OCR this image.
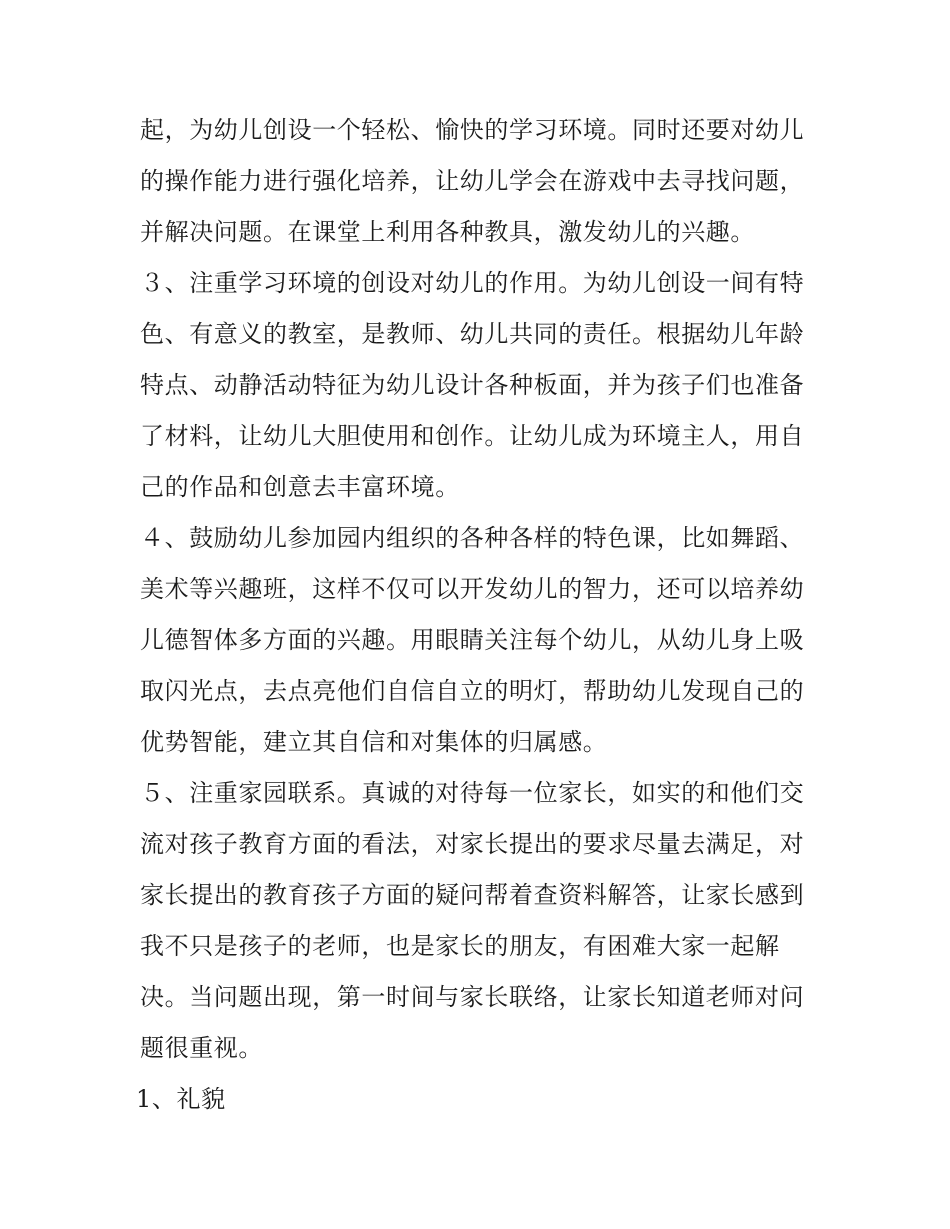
起，为幼儿创设一个轻松、愉快的学习环境。同时还要对幼儿
的操作能力进行强化培养，让幼儿学会在游戏中去寻找问题，
并解决问题。在课堂上利用各种教具，激发幼儿的兴趣。
３、注重学习环境的创设对幼儿的作用。为幼儿创设一间有特
色、有意义的教室，是教师、幼儿共同的责任。根据幼儿年龄
特点、动静活动特征为幼儿设计各种板面，并为孩子们也准备
了材料，让幼儿大胆使用和创作。让幼儿成为环境主人，用自
己的作品和创意去丰富环境。
４、鼓励幼儿参加园内组织的各种各样的特色课，比如舞蹈、
美术等兴趣班，这样不仅可以开发幼儿的智力，还可以培养幼
儿德智体多方面的兴趣。用眼睛关注每个幼儿，从幼儿身上吸
取闪光点，去点亮他们自信自立的明灯，帮助幼儿发现自己的
优势智能，建立其自信和对集体的归属感。
５、注重家园联系。真诚的对待每一位家长，如实的和他们交
流对孩子教育方面的看法，对家长提出的要求尽量去满足，对
家长提出的教育孩子方面的疑问帮着查资料解答，让家长感到
我不只是孩子的老师，也是家长的朋友，有困难大家一起解
决。当问题出现，第一时间与家长联络，让家长知道老师对问
题很重视。
1、礼貌
